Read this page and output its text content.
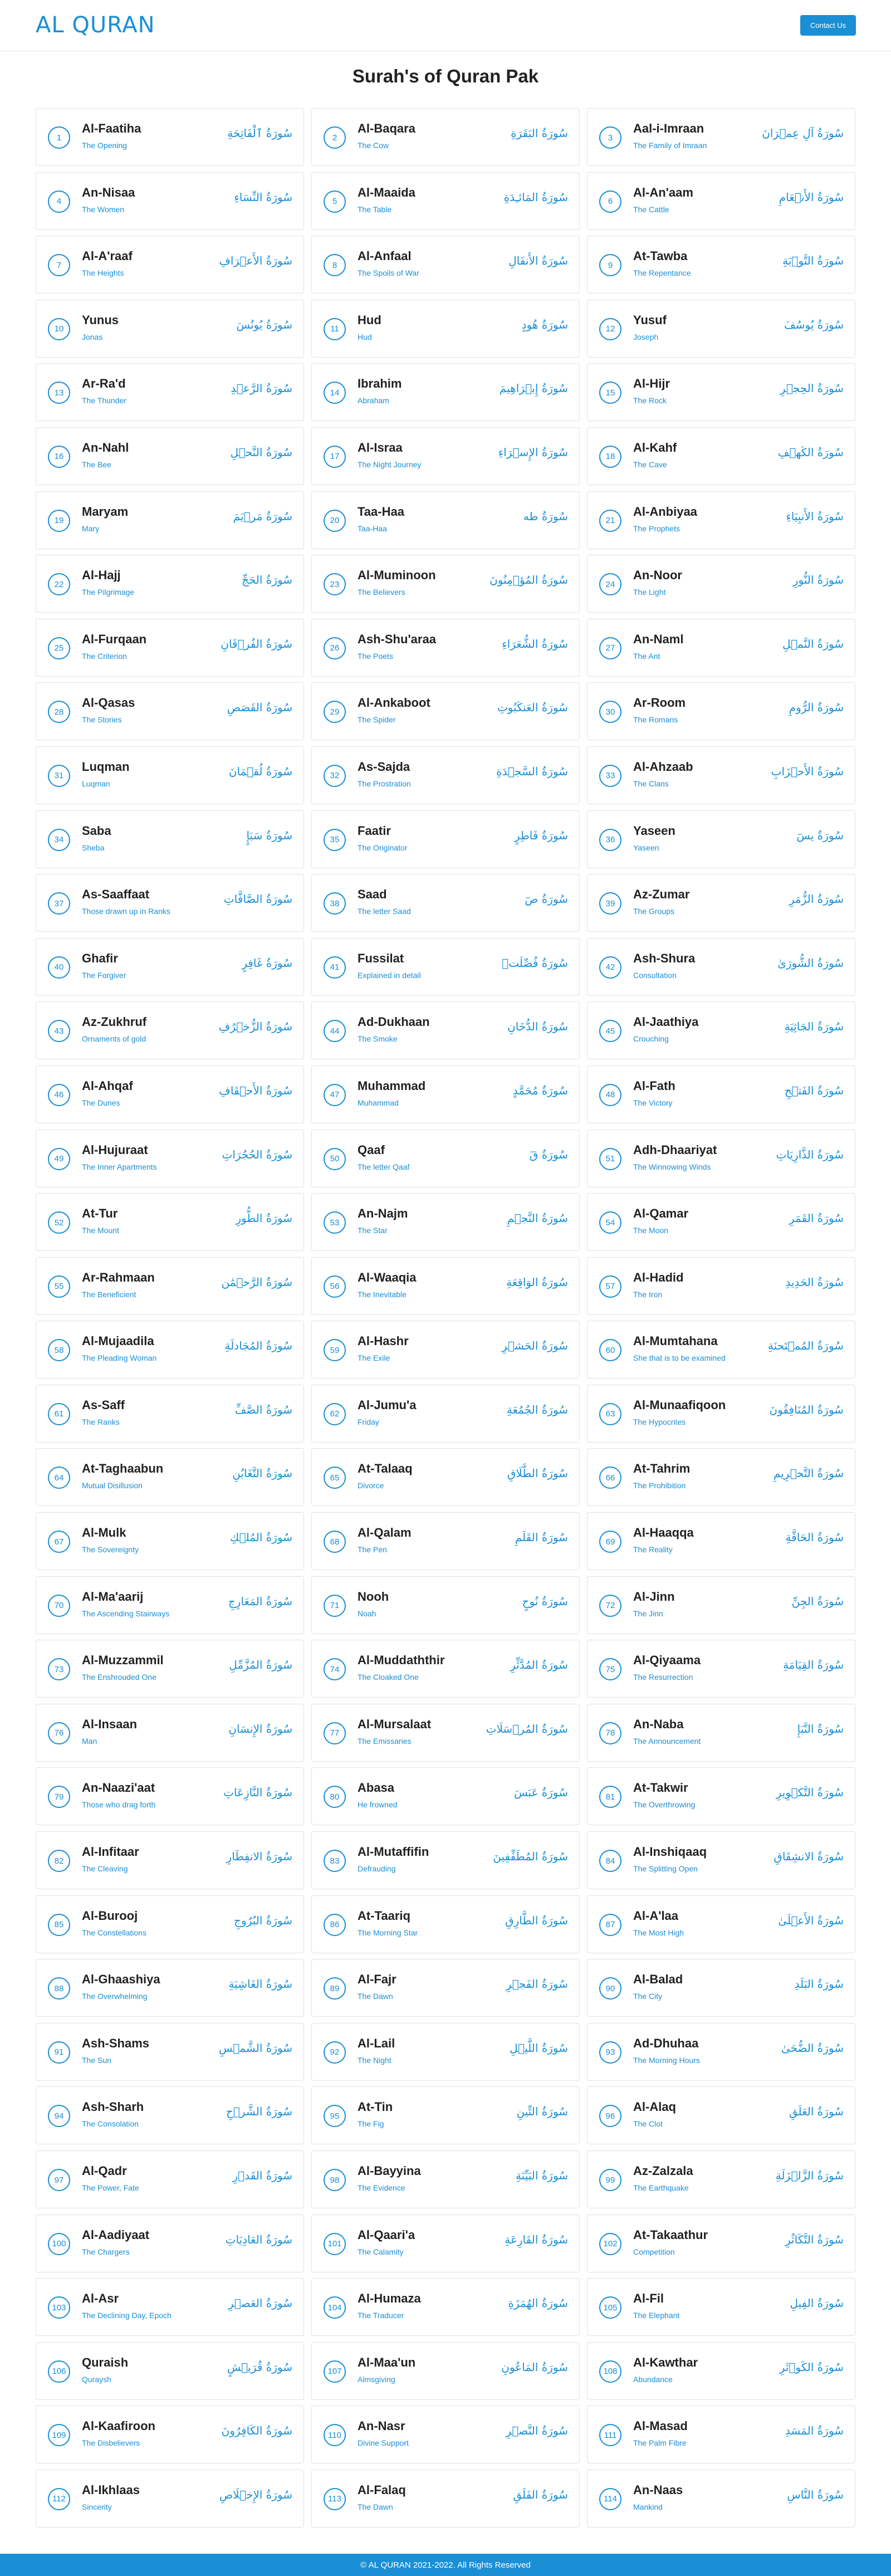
AL QURAN	Contact Us
Surah's of Quran Pak
1
Al-Faatiha
The Opening
سُورَةُ ٱلْفَاتِحَةِ	2
Al-Baqara
The Cow
سُورَةُ البَقَرَةِ	3
Aal-i-Imraan
The Family of Imraan
سُورَةُ آلِ عِمۡرَانَ
4
An-Nisaa
The Women
سُورَةُ النِّسَاءِ	5
Al-Maaida
The Table
سُورَةُ المَائـِدَةِ	6
Al-An'aam
The Cattle
سُورَةُ الأَنۡعَامِ
7
Al-A'raaf
The Heights
سُورَةُ الأَعۡرَافِ	8
Al-Anfaal
The Spoils of War
سُورَةُ الأَنفَالِ	9
At-Tawba
The Repentance
سُورَةُ التَّوۡبَةِ
10
Yunus
Jonas
سُورَةُ يُونُسَ	11
Hud
Hud
سُورَةُ هُودٍ	12
Yusuf
Joseph
سُورَةُ يُوسُفَ
13
Ar-Ra'd
The Thunder
سُورَةُ الرَّعۡدِ	14
Ibrahim
Abraham
سُورَةُ إِبۡرَاهِيمَ	15
Al-Hijr
The Rock
سُورَةُ الحِجۡرِ
16
An-Nahl
The Bee
سُورَةُ النَّحۡلِ	17
Al-Israa
The Night Journey
سُورَةُ الإِسۡرَاءِ	18
Al-Kahf
The Cave
سُورَةُ الكَهۡفِ
19
Maryam
Mary
سُورَةُ مَرۡيَمَ	20
Taa-Haa
Taa-Haa
سُورَةُ طه	21
Al-Anbiyaa
The Prophets
سُورَةُ الأَنبِيَاءِ
22
Al-Hajj
The Pilgrimage
سُورَةُ الحَجِّ	23
Al-Muminoon
The Believers
سُورَةُ المُؤۡمِنُونَ	24
An-Noor
The Light
سُورَةُ النُّورِ
25
Al-Furqaan
The Criterion
سُورَةُ الفُرۡقَانِ	26
Ash-Shu'araa
The Poets
سُورَةُ الشُّعَرَاءِ	27
An-Naml
The Ant
سُورَةُ النَّمۡلِ
28
Al-Qasas
The Stories
سُورَةُ القَصَصِ	29
Al-Ankaboot
The Spider
سُورَةُ العَنكَبُوتِ	30
Ar-Room
The Romans
سُورَةُ الرُّومِ
31
Luqman
Luqman
سُورَةُ لُقۡمَانَ	32
As-Sajda
The Prostration
سُورَةُ السَّجۡدَةِ	33
Al-Ahzaab
The Clans
سُورَةُ الأَحۡزَابِ
34
Saba
Sheba
سُورَةُ سَبَإٍ	35
Faatir
The Originator
سُورَةُ فَاطِرٍ	36
Yaseen
Yaseen
سُورَةُ يسٓ
37
As-Saaffaat
Those drawn up in Ranks
سُورَةُ الصَّافَّاتِ	38
Saad
The letter Saad
سُورَةُ صٓ	39
Az-Zumar
The Groups
سُورَةُ الزُّمَرِ
40
Ghafir
The Forgiver
سُورَةُ غَافِرٍ	41
Fussilat
Explained in detail
سُورَةُ فُصِّلَتۡ	42
Ash-Shura
Consultation
سُورَةُ الشُّورَىٰ
43
Az-Zukhruf
Ornaments of gold
سُورَةُ الزُّخۡرُفِ	44
Ad-Dukhaan
The Smoke
سُورَةُ الدُّخَانِ	45
Al-Jaathiya
Crouching
سُورَةُ الجَاثِيَةِ
46
Al-Ahqaf
The Dunes
سُورَةُ الأَحۡقَافِ	47
Muhammad
Muhammad
سُورَةُ مُحَمَّدٍ	48
Al-Fath
The Victory
سُورَةُ الفَتۡحِ
49
Al-Hujuraat
The Inner Apartments
سُورَةُ الحُجُرَاتِ	50
Qaaf
The letter Qaaf
سُورَةُ قٓ	51
Adh-Dhaariyat
The Winnowing Winds
سُورَةُ الذَّارِيَاتِ
52
At-Tur
The Mount
سُورَةُ الطُّورِ	53
An-Najm
The Star
سُورَةُ النَّجۡمِ	54
Al-Qamar
The Moon
سُورَةُ القَمَرِ
55
Ar-Rahmaan
The Beneficient
سُورَةُ الرَّحۡمَٰن	56
Al-Waaqia
The Inevitable
سُورَةُ الوَاقِعَةِ	57
Al-Hadid
The Iron
سُورَةُ الحَدِيدِ
58
Al-Mujaadila
The Pleading Woman
سُورَةُ المُجَادلَةِ	59
Al-Hashr
The Exile
سُورَةُ الحَشۡرِ	60
Al-Mumtahana
She that is to be examined
سُورَةُ المُمۡتَحنَةِ
61
As-Saff
The Ranks
سُورَةُ الصَّفِّ	62
Al-Jumu'a
Friday
سُورَةُ الجُمُعَةِ	63
Al-Munaafiqoon
The Hypocrites
سُورَةُ المُنَافِقُونَ
64
At-Taghaabun
Mutual Disillusion
سُورَةُ التَّغَابُنِ	65
At-Talaaq
Divorce
سُورَةُ الطَّلَاقِ	66
At-Tahrim
The Prohibition
سُورَةُ التَّحۡرِيمِ
67
Al-Mulk
The Sovereignty
سُورَةُ المُلۡكِ	68
Al-Qalam
The Pen
سُورَةُ القَلَمِ	69
Al-Haaqqa
The Reality
سُورَةُ الحَاقَّةِ
70
Al-Ma'aarij
The Ascending Stairways
سُورَةُ المَعَارِجِ	71
Nooh
Noah
سُورَةُ نُوحٍ	72
Al-Jinn
The Jinn
سُورَةُ الجِنِّ
73
Al-Muzzammil
The Enshrouded One
سُورَةُ المُزَّمِّلِ	74
Al-Muddaththir
The Cloaked One
سُورَةُ المُدَّثِّرِ	75
Al-Qiyaama
The Resurrection
سُورَةُ القِيَامَةِ
76
Al-Insaan
Man
سُورَةُ الإِنسَانِ	77
Al-Mursalaat
The Emissaries
سُورَةُ المُرۡسَلَاتِ	78
An-Naba
The Announcement
سُورَةُ النَّبَإِ
79
An-Naazi'aat
Those who drag forth
سُورَةُ النَّازِعَاتِ	80
Abasa
He frowned
سُورَةُ عَبَسَ	81
At-Takwir
The Overthrowing
سُورَةُ التَّكۡوِيرِ
82
Al-Infitaar
The Cleaving
سُورَةُ الانفِطَارِ	83
Al-Mutaffifin
Defrauding
سُورَةُ المُطَفِّفِينَ	84
Al-Inshiqaaq
The Splitting Open
سُورَةُ الانشِقَاقِ
85
Al-Burooj
The Constellations
سُورَةُ البُرُوجِ	86
At-Taariq
The Morning Star
سُورَةُ الطَّارِقِ	87
Al-A'laa
The Most High
سُورَةُ الأَعۡلَىٰ
88
Al-Ghaashiya
The Overwhelming
سُورَةُ الغَاشِيَةِ	89
Al-Fajr
The Dawn
سُورَةُ الفَجۡرِ	90
Al-Balad
The City
سُورَةُ البَلَدِ
91
Ash-Shams
The Sun
سُورَةُ الشَّمۡسِ	92
Al-Lail
The Night
سُورَةُ اللَّيۡلِ	93
Ad-Dhuhaa
The Morning Hours
سُورَةُ الضُّحَىٰ
94
Ash-Sharh
The Consolation
سُورَةُ الشَّرۡحِ	95
At-Tin
The Fig
سُورَةُ التِّينِ	96
Al-Alaq
The Clot
سُورَةُ العَلَقِ
97
Al-Qadr
The Power, Fate
سُورَةُ القَدۡرِ	98
Al-Bayyina
The Evidence
سُورَةُ البَيِّنَةِ	99
Az-Zalzala
The Earthquake
سُورَةُ الزَّلۡزَلَةِ
100
Al-Aadiyaat
The Chargers
سُورَةُ العَادِيَاتِ	101
Al-Qaari'a
The Calamity
سُورَةُ القَارِعَةِ	102
At-Takaathur
Competition
سُورَةُ التَّكَاثُرِ
103
Al-Asr
The Declining Day, Epoch
سُورَةُ العَصۡرِ	104
Al-Humaza
The Traducer
سُورَةُ الهُمَزَةِ	105
Al-Fil
The Elephant
سُورَةُ الفِيلِ
106
Quraish
Quraysh
سُورَةُ قُرَيۡشٍ	107
Al-Maa'un
Almsgiving
سُورَةُ المَاعُونِ	108
Al-Kawthar
Abundance
سُورَةُ الكَوۡثَرِ
109
Al-Kaafiroon
The Disbelievers
سُورَةُ الكَافِرُونَ	110
An-Nasr
Divine Support
سُورَةُ النَّصۡرِ	111
Al-Masad
The Palm Fibre
سُورَةُ المَسَدِ
112
Al-Ikhlaas
Sincerity
سُورَةُ الإِخۡلَاصِ	113
Al-Falaq
The Dawn
سُورَةُ الفَلَقِ	114
An-Naas
Mankind
سُورَةُ النَّاسِ
© AL QURAN 2021-2022. All Rights Reserved
